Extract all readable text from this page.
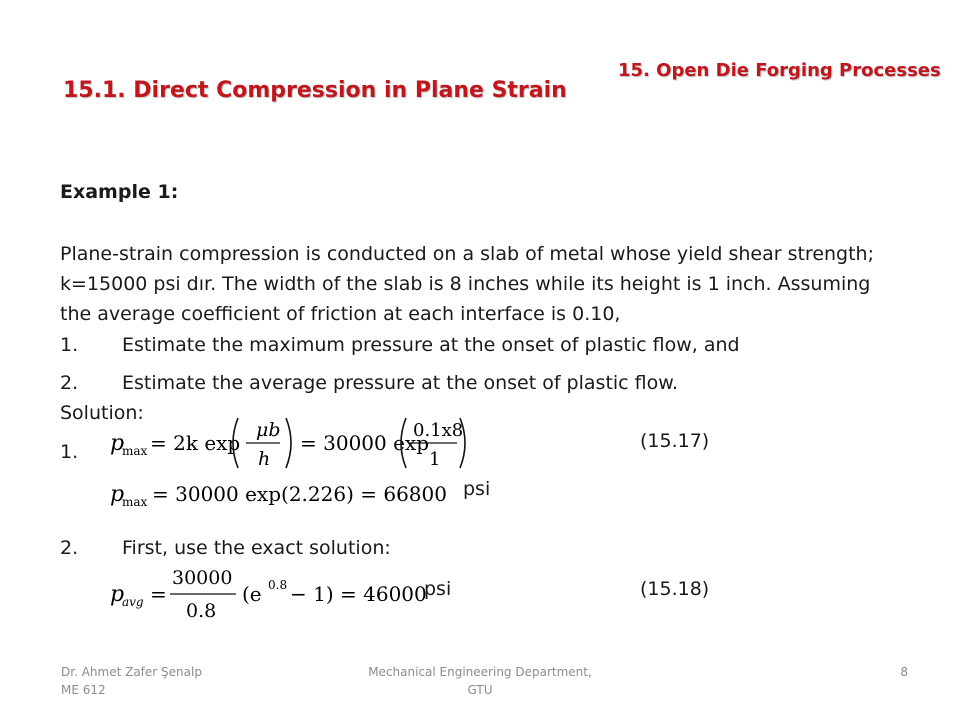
15. Open Die Forging Processes
15.1. Direct Compression in Plane Strain
Example 1:
Plane-strain compression is conducted on a slab of metal whose yield shear strength;
k=15000 psi dır. The width of the slab is 8 inches while its height is 1 inch. Assuming
the average coefficient of friction at each interface is 0.10,
1. Estimate the maximum pressure at the onset of plastic flow, and
2. Estimate the average pressure at the onset of plastic flow.
Solution:
1. p
max = 2k exp
μb
h
= 30000 exp
0.1x8
1
(15.17)
p
max = 30000 exp(2.226) = 66800 psi
2. First, use the exact solution:
p
avg =
30000
0.8
(e 0.8 − 1) = 46000
psi	(15.18)
Dr. Ahmet Zafer Şenalp
ME 612
Mechanical Engineering Department,
GTU
8
